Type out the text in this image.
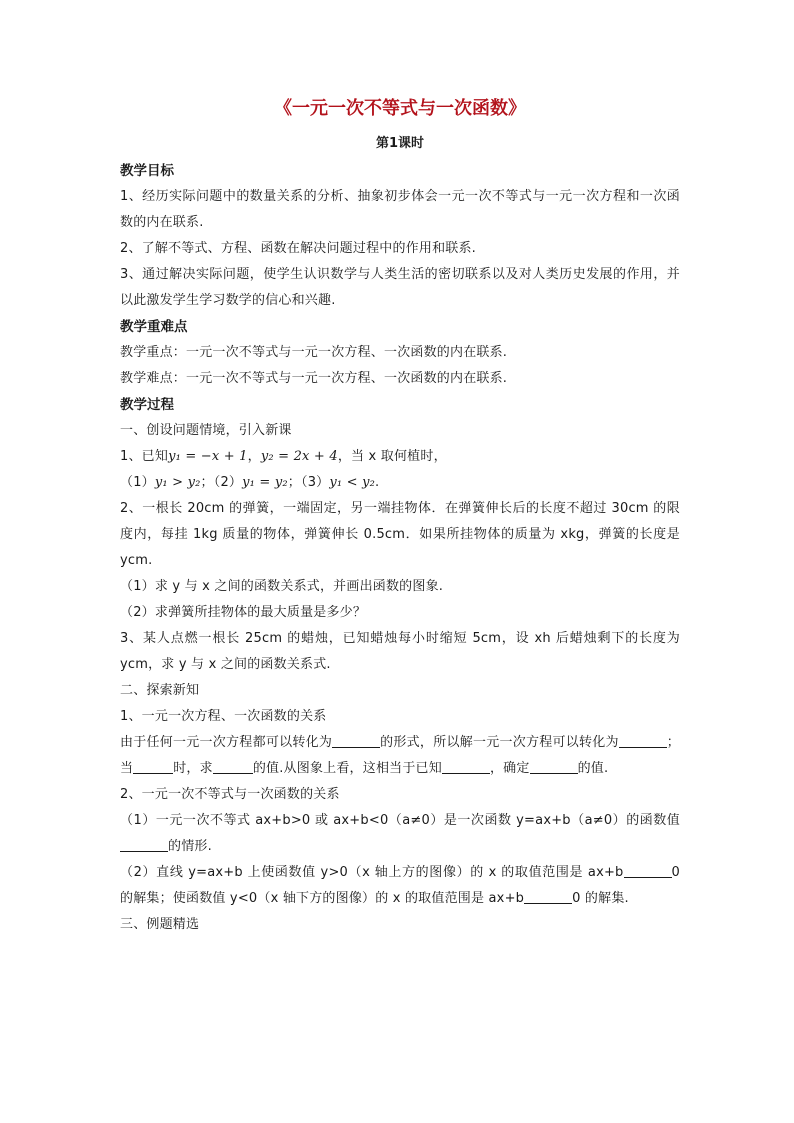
《一元一次不等式与一次函数》
第1课时
教学目标

1、经历实际问题中的数量关系的分析、抽象初步体会一元一次不等式与一元一次方程和一次函数的内在联系.

2、了解不等式、方程、函数在解决问题过程中的作用和联系.

3、通过解决实际问题，使学生认识数学与人类生活的密切联系以及对人类历史发展的作用，并以此激发学生学习数学的信心和兴趣.

教学重难点

教学重点：一元一次不等式与一元一次方程、一次函数的内在联系.

教学难点：一元一次不等式与一元一次方程、一次函数的内在联系.

教学过程

一、创设问题情境，引入新课

1、已知y₁ = −x + 1，y₂ = 2x + 4，当 x 取何植时，

（1）y₁ > y₂；（2）y₁ = y₂；（3）y₁ < y₂.

2、一根长 20cm 的弹簧，一端固定，另一端挂物体．在弹簧伸长后的长度不超过 30cm 的限度内，每挂 1kg 质量的物体，弹簧伸长 0.5cm．如果所挂物体的质量为 xkg，弹簧的长度是 ycm.

（1）求 y 与 x 之间的函数关系式，并画出函数的图象.

（2）求弹簧所挂物体的最大质量是多少？

3、某人点燃一根长 25cm 的蜡烛，已知蜡烛每小时缩短 5cm，设 xh 后蜡烛剩下的长度为 ycm，求 y 与 x 之间的函数关系式.

二、探索新知

1、一元一次方程、一次函数的关系

由于任何一元一次方程都可以转化为	的形式，所以解一元一次方程可以转化为	；当	时，求	的值.从图象上看，这相当于已知	，确定	的值.

2、一元一次不等式与一次函数的关系

（1）一元一次不等式 ax+b>0 或 ax+b<0（a≠0）是一次函数 y=ax+b（a≠0）的函数值的情形.

（2）直线 y=ax+b 上使函数值 y>0（x 轴上方的图像）的 x 的取值范围是 ax+b	0 的解集；使函数值 y<0（x 轴下方的图像）的 x 的取值范围是 ax+b	0 的解集.

三、例题精选
